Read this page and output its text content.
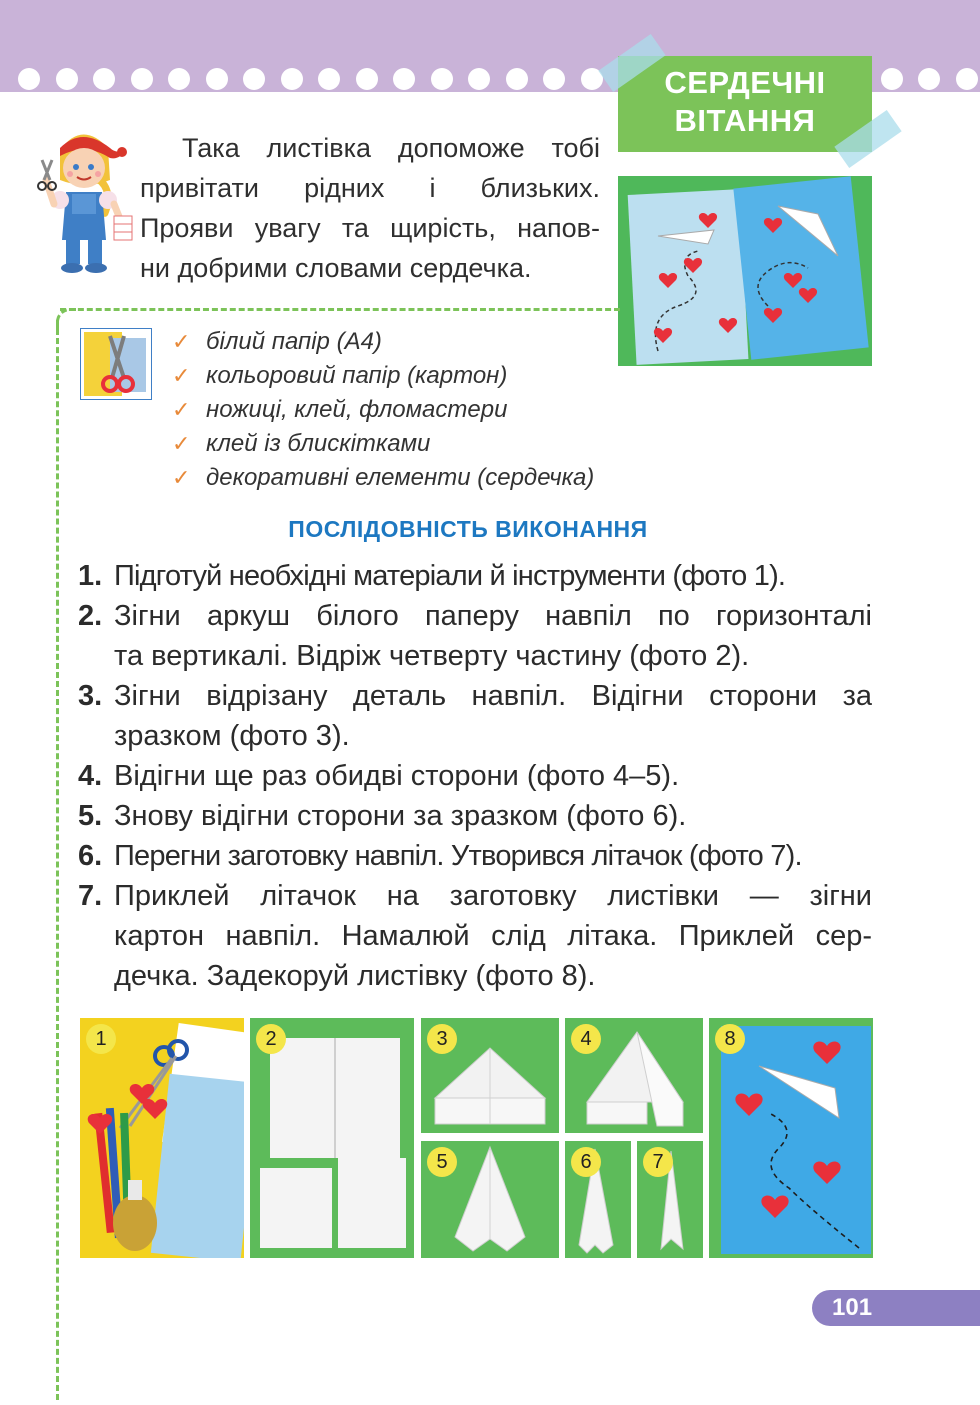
СЕРДЕЧНІ
ВІТАННЯ
Така листівка допоможе тобі
привітати рідних і близьких.
Прояви увагу та щирість, напов-
ни добрими словами сердечка.
✓ білий папір (А4)
✓ кольоровий папір (картон)
✓ ножиці, клей, фломастери
✓ клей із блискітками
✓ декоративні елементи (сердечка)
ПОСЛІДОВНІСТЬ ВИКОНАННЯ
1. Підготуй необхідні матеріали й інструменти (фото 1).
2. Зігни аркуш білого паперу навпіл по горизонталі
та вертикалі. Відріж четверту частину (фото 2).
3. Зігни відрізану деталь навпіл. Відігни сторони за
зразком (фото 3).
4. Відігни ще раз обидві сторони (фото 4–5).
5. Знову відігни сторони за зразком (фото 6).
6. Перегни заготовку навпіл. Утворився літачок (фото 7).
7. Приклей літачок на заготовку листівки — зігни
картон навпіл. Намалюй слід літака. Приклей сер-
дечка. Задекоруй листівку (фото 8).
1	2	3	4
5	6	7
8
101
